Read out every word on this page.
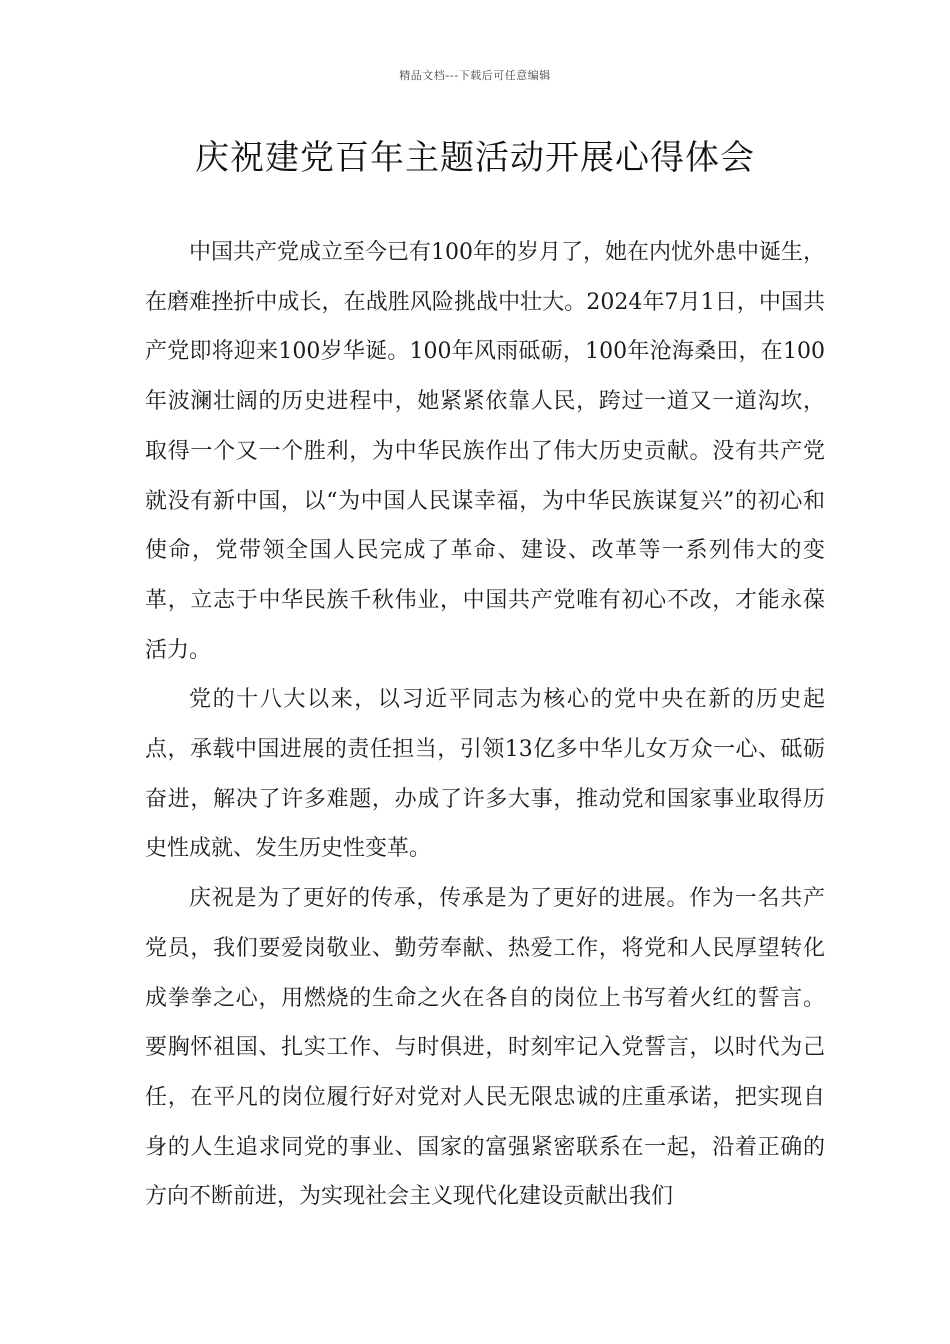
精品文档---下载后可任意编辑
庆祝建党百年主题活动开展心得体会

中国共产党成立至今已有100年的岁月了，她在内忧外患中诞生，在磨难挫折中成长，在战胜风险挑战中壮大。2024年7月1日，中国共产党即将迎来100岁华诞。100年风雨砥砺，100年沧海桑田，在100年波澜壮阔的历史进程中，她紧紧依靠人民，跨过一道又一道沟坎，取得一个又一个胜利，为中华民族作出了伟大历史贡献。没有共产党就没有新中国，以“为中国人民谋幸福，为中华民族谋复兴”的初心和使命，党带领全国人民完成了革命、建设、改革等一系列伟大的变革，立志于中华民族千秋伟业，中国共产党唯有初心不改，才能永葆活力。

党的十八大以来，以习近平同志为核心的党中央在新的历史起点，承载中国进展的责任担当，引领13亿多中华儿女万众一心、砥砺奋进，解决了许多难题，办成了许多大事，推动党和国家事业取得历史性成就、发生历史性变革。

庆祝是为了更好的传承，传承是为了更好的进展。作为一名共产党员，我们要爱岗敬业、勤劳奉献、热爱工作，将党和人民厚望转化成拳拳之心，用燃烧的生命之火在各自的岗位上书写着火红的誓言。要胸怀祖国、扎实工作、与时俱进，时刻牢记入党誓言，以时代为己任，在平凡的岗位履行好对党对人民无限忠诚的庄重承诺，把实现自身的人生追求同党的事业、国家的富强紧密联系在一起，沿着正确的方向不断前进，为实现社会主义现代化建设贡献出我们
